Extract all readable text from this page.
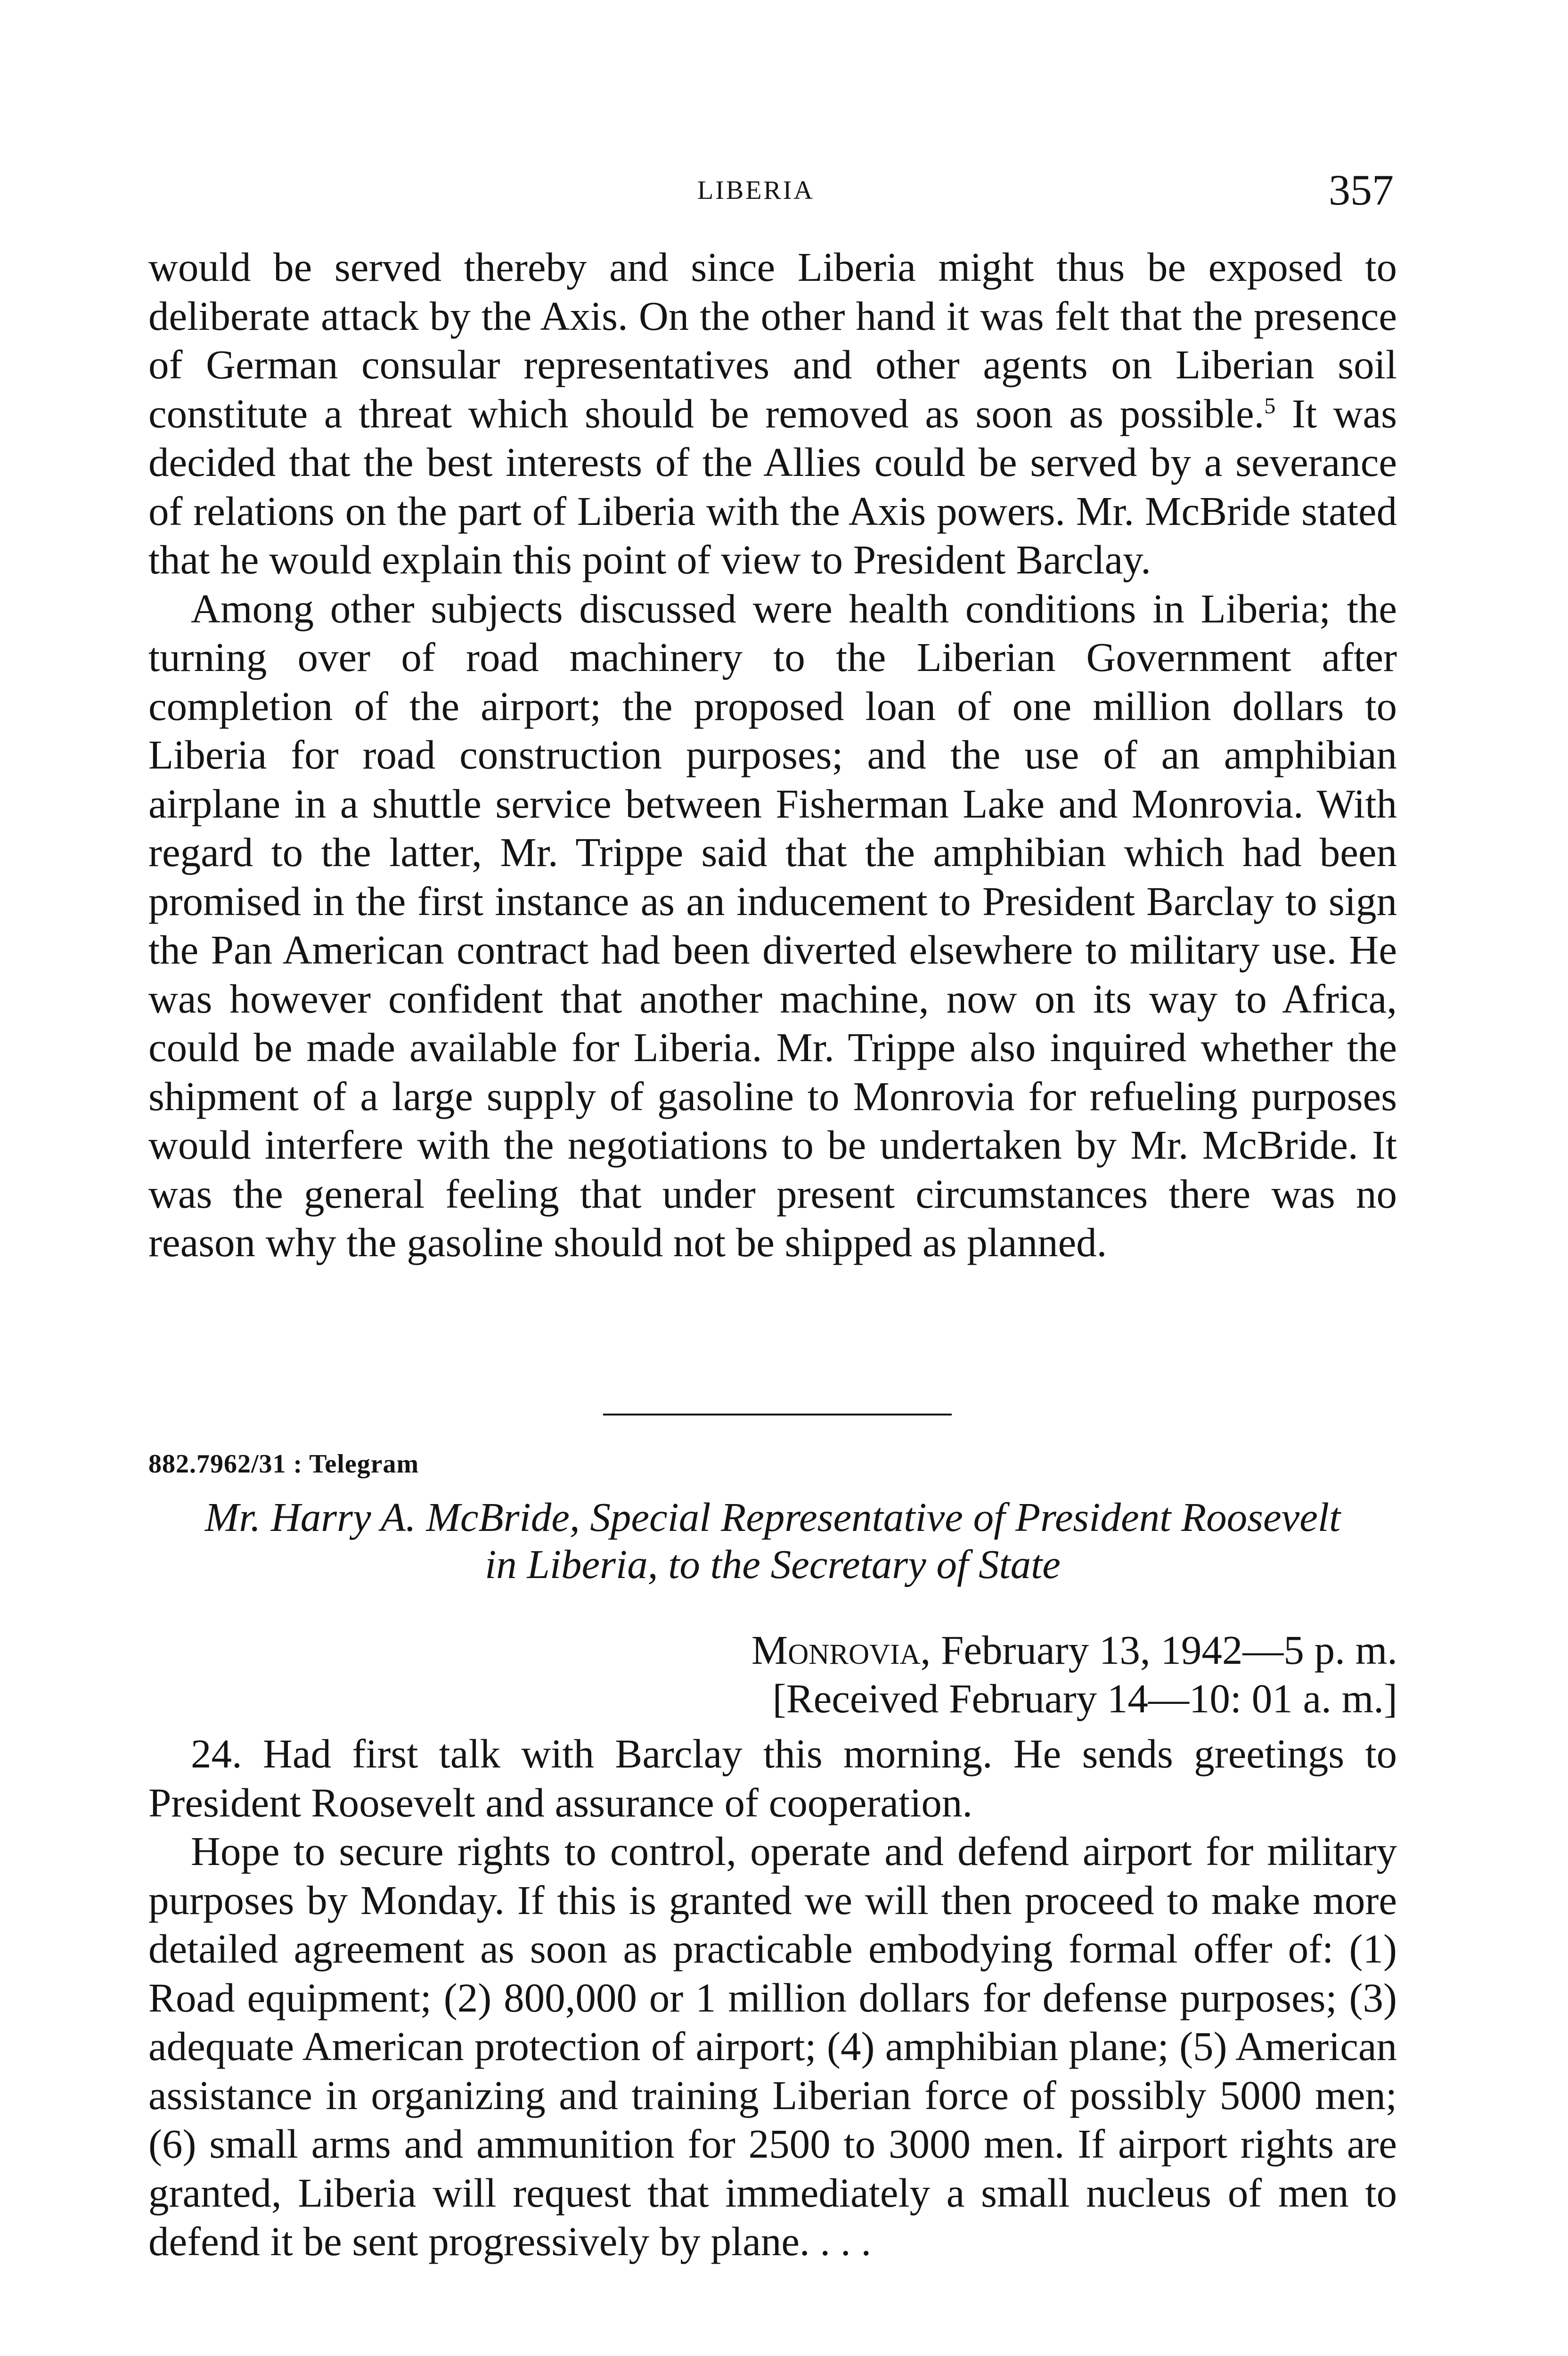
LIBERIA	357

would be served thereby and since Liberia might thus be exposed to deliberate attack by the Axis. On the other hand it was felt that the presence of German consular representatives and other agents on Liberian soil constitute a threat which should be removed as soon as possible.$^5$ It was decided that the best interests of the Allies could be served by a severance of relations on the part of Liberia with the Axis powers. Mr. McBride stated that he would explain this point of view to President Barclay.

Among other subjects discussed were health conditions in Liberia; the turning over of road machinery to the Liberian Government after completion of the airport; the proposed loan of one million dollars to Liberia for road construction purposes; and the use of an amphibian airplane in a shuttle service between Fisherman Lake and Monrovia. With regard to the latter, Mr. Trippe said that the amphibian which had been promised in the first instance as an inducement to President Barclay to sign the Pan American contract had been diverted elsewhere to military use. He was however confident that another machine, now on its way to Africa, could be made available for Liberia. Mr. Trippe also inquired whether the shipment of a large supply of gasoline to Monrovia for refueling purposes would interfere with the negotiations to be undertaken by Mr. McBride. It was the general feeling that under present circumstances there was no reason why the gasoline should not be shipped as planned.

882.7962/31 : Telegram
Mr. Harry A. McBride, Special Representative of President Roosevelt
in Liberia, to the Secretary of State
Monrovia, February 13, 1942—5 p. m.
[Received February 14—10: 01 a. m.]

24. Had first talk with Barclay this morning. He sends greetings to President Roosevelt and assurance of cooperation.

Hope to secure rights to control, operate and defend airport for military purposes by Monday. If this is granted we will then proceed to make more detailed agreement as soon as practicable embodying formal offer of: (1) Road equipment; (2) 800,000 or 1 million dollars for defense purposes; (3) adequate American protection of airport; (4) amphibian plane; (5) American assistance in organizing and training Liberian force of possibly 5000 men; (6) small arms and ammunition for 2500 to 3000 men. If airport rights are granted, Liberia will request that immediately a small nucleus of men to defend it be sent progressively by plane. . . .
